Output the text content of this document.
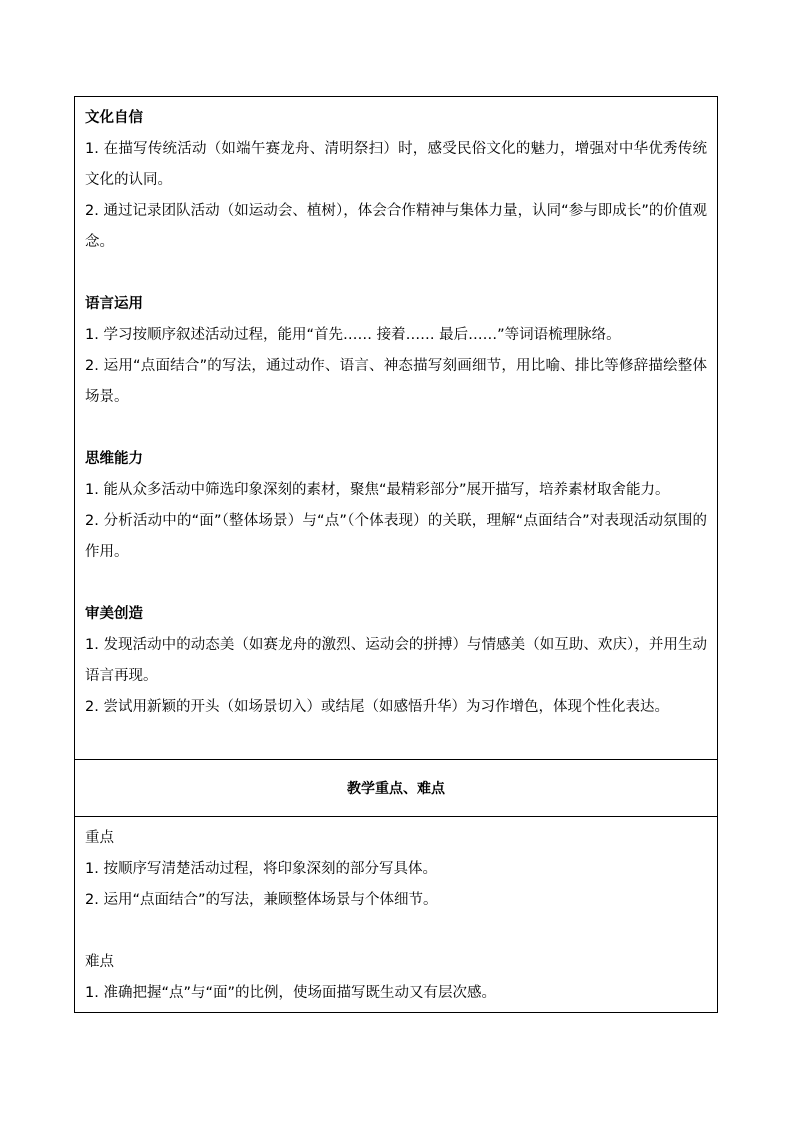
文化自信

1. 在描写传统活动（如端午赛龙舟、清明祭扫）时，感受民俗文化的魅力，增强对中华优秀传统文化的认同。

2. 通过记录团队活动（如运动会、植树），体会合作精神与集体力量，认同“参与即成长”的价值观念。

语言运用

1. 学习按顺序叙述活动过程，能用“首先…… 接着…… 最后……”等词语梳理脉络。

2. 运用“点面结合”的写法，通过动作、语言、神态描写刻画细节，用比喻、排比等修辞描绘整体场景。

思维能力

1. 能从众多活动中筛选印象深刻的素材，聚焦“最精彩部分”展开描写，培养素材取舍能力。

2. 分析活动中的“面”（整体场景）与“点”（个体表现）的关联，理解“点面结合”对表现活动氛围的作用。

审美创造

1. 发现活动中的动态美（如赛龙舟的激烈、运动会的拼搏）与情感美（如互助、欢庆），并用生动语言再现。

2. 尝试用新颖的开头（如场景切入）或结尾（如感悟升华）为习作增色，体现个性化表达。

教学重点、难点

重点

1. 按顺序写清楚活动过程，将印象深刻的部分写具体。

2. 运用“点面结合”的写法，兼顾整体场景与个体细节。

难点

1. 准确把握“点”与“面”的比例，使场面描写既生动又有层次感。
